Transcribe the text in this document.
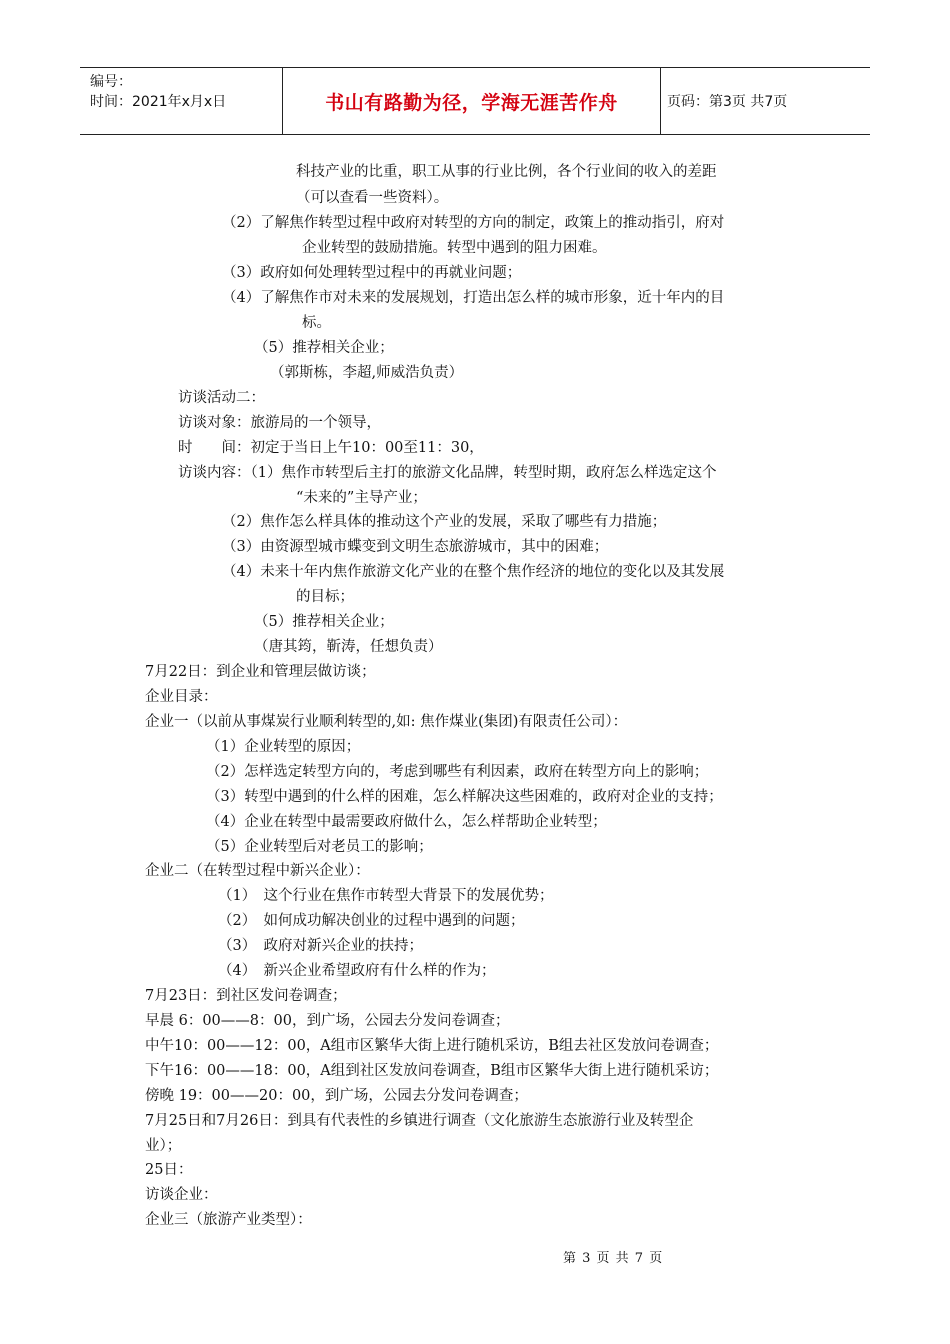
编号：
时间：2021年x月x日	书山有路勤为径，学海无涯苦作舟	页码：第3页 共7页
科技产业的比重，职工从事的行业比例，各个行业间的收入的差距
（可以查看一些资料）。
（2）了解焦作转型过程中政府对转型的方向的制定，政策上的推动指引，府对
企业转型的鼓励措施。转型中遇到的阻力困难。
（3）政府如何处理转型过程中的再就业问题；
（4）了解焦作市对未来的发展规划，打造出怎么样的城市形象，近十年内的目
标。
（5）推荐相关企业；
（郭斯栋，李超,师威浩负责）
访谈活动二：
访谈对象：旅游局的一个领导，
时　　间：初定于当日上午10：00至11：30，
访谈内容：（1）焦作市转型后主打的旅游文化品牌，转型时期，政府怎么样选定这个
“未来的”主导产业；
（2）焦作怎么样具体的推动这个产业的发展，采取了哪些有力措施；
（3）由资源型城市蝶变到文明生态旅游城市，其中的困难；
（4）未来十年内焦作旅游文化产业的在整个焦作经济的地位的变化以及其发展
的目标；
（5）推荐相关企业；
（唐其筠，靳涛，任想负责）
7月22日：到企业和管理层做访谈；
企业目录：
企业一（以前从事煤炭行业顺利转型的,如: 焦作煤业(集团)有限责任公司）：
（1）企业转型的原因；
（2）怎样选定转型方向的，考虑到哪些有利因素，政府在转型方向上的影响；
（3）转型中遇到的什么样的困难，怎么样解决这些困难的，政府对企业的支持；
（4）企业在转型中最需要政府做什么，怎么样帮助企业转型；
（5）企业转型后对老员工的影响；
企业二（在转型过程中新兴企业）：
（1）　这个行业在焦作市转型大背景下的发展优势；
（2）　如何成功解决创业的过程中遇到的问题；
（3）　政府对新兴企业的扶持；
（4）　新兴企业希望政府有什么样的作为；
7月23日：到社区发问卷调查；
早晨 6：00——8：00，到广场，公园去分发问卷调查；
中午10：00——12：00，A组市区繁华大街上进行随机采访，B组去社区发放问卷调查；
下午16：00——18：00，A组到社区发放问卷调查，B组市区繁华大街上进行随机采访；
傍晚 19：00——20：00，到广场，公园去分发问卷调查；
7月25日和7月26日：到具有代表性的乡镇进行调查（文化旅游生态旅游行业及转型企
业）；
25日：
访谈企业：
企业三（旅游产业类型）：
第 3 页 共 7 页
